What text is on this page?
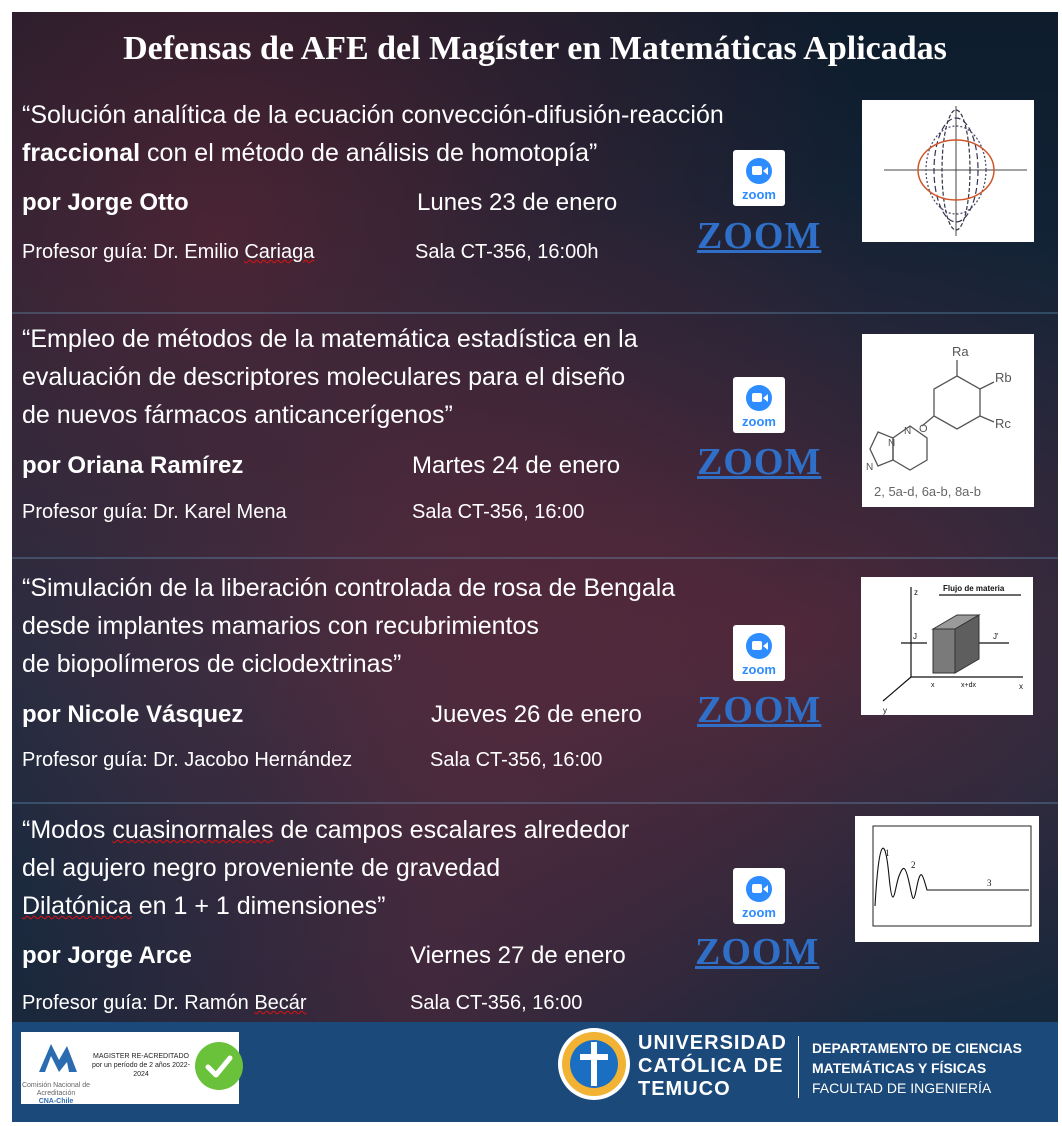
Defensas de AFE del Magíster en Matemáticas Aplicadas
“Solución analítica de la ecuación convección-difusión-reacción
fraccional con el método de análisis de homotopía”
por Jorge Otto	Lunes 23 de enero
Profesor guía: Dr. Emilio Cariaga	Sala CT-356, 16:00h
zoom
ZOOM
“Empleo de métodos de la matemática estadística en la
evaluación de descriptores moleculares para el diseño
de nuevos fármacos anticancerígenos”
por Oriana Ramírez	Martes 24 de enero
Profesor guía: Dr. Karel Mena	Sala CT-356, 16:00
zoom
ZOOM
Ra
Rb
Rc
O
N
N
N
2, 5a-d, 6a-b, 8a-b
“Simulación de la liberación controlada de rosa de Bengala
desde implantes mamarios con recubrimientos
de biopolímeros de ciclodextrinas”
por Nicole Vásquez	Jueves 26 de enero
Profesor guía: Dr. Jacobo Hernández	Sala CT-356, 16:00
zoom
ZOOM
Flujo de materia
z
y
x
x	x+dx
J	J'
“Modos cuasinormales de campos escalares alrededor
del agujero negro proveniente de gravedad
Dilatónica en 1 + 1 dimensiones”
por Jorge Arce	Viernes 27 de enero
Profesor guía: Dr. Ramón Becár	Sala CT-356, 16:00
zoom
ZOOM
1
2
3
Comisión Nacional de Acreditación
CNA-Chile
MAGISTER RE-ACREDITADO por un período de 2 años 2022-2024
UNIVERSIDAD
CATÓLICA DE
TEMUCO
DEPARTAMENTO DE CIENCIAS
MATEMÁTICAS Y FÍSICAS
FACULTAD DE INGENIERÍA
